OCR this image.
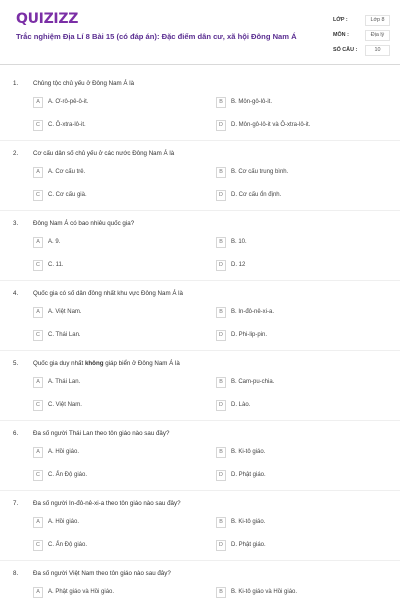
QUIZIZZ
Trắc nghiệm Địa Lí 8 Bài 15 (có đáp án): Đặc điểm dân cư, xã hội Đông Nam Á
LỚP :	Lớp 8
MÔN :	Địa lý
SỐ CÂU :	10
1. Chủng tộc chủ yếu ở Đông Nam Á là
A	A. Ơ-rô-pê-ô-it.	B	B. Môn-gô-lô-it.
C	C. Ô-xtra-lô-it.	D	D. Môn-gô-lô-it và Ô-xtra-lô-it.
2. Cơ cấu dân số chủ yếu ở các nước Đông Nam Á là
A	A. Cơ cấu trẻ.	B	B. Cơ cấu trung bình.
C	C. Cơ cấu già.	D	D. Cơ cấu ổn định.
3. Đông Nam Á có bao nhiêu quốc gia?
A	A. 9.	B	B. 10.
C	C. 11.	D	D. 12
4. Quốc gia có số dân đông nhất khu vực Đông Nam Á là
A	A. Việt Nam.	B	B. In-đô-nê-xi-a.
C	C. Thái Lan.	D	D. Phi-lip-pin.
5. Quốc gia duy nhất không giáp biển ở Đông Nam Á là
A	A. Thái Lan.	B	B. Cam-pu-chia.
C	C. Việt Nam.	D	D. Lào.
6. Đa số người Thái Lan theo tôn giáo nào sau đây?
A	A. Hồi giáo.	B	B. Ki-tô giáo.
C	C. Ấn Độ giáo.	D	D. Phật giáo.
7. Đa số người In-đô-nê-xi-a theo tôn giáo nào sau đây?
A	A. Hồi giáo.	B	B. Ki-tô giáo.
C	C. Ấn Độ giáo.	D	D. Phật giáo.
8. Đa số người Việt Nam theo tôn giáo nào sau đây?
A	A. Phật giáo và Hồi giáo.	B	B. Ki-tô giáo và Hồi giáo.
